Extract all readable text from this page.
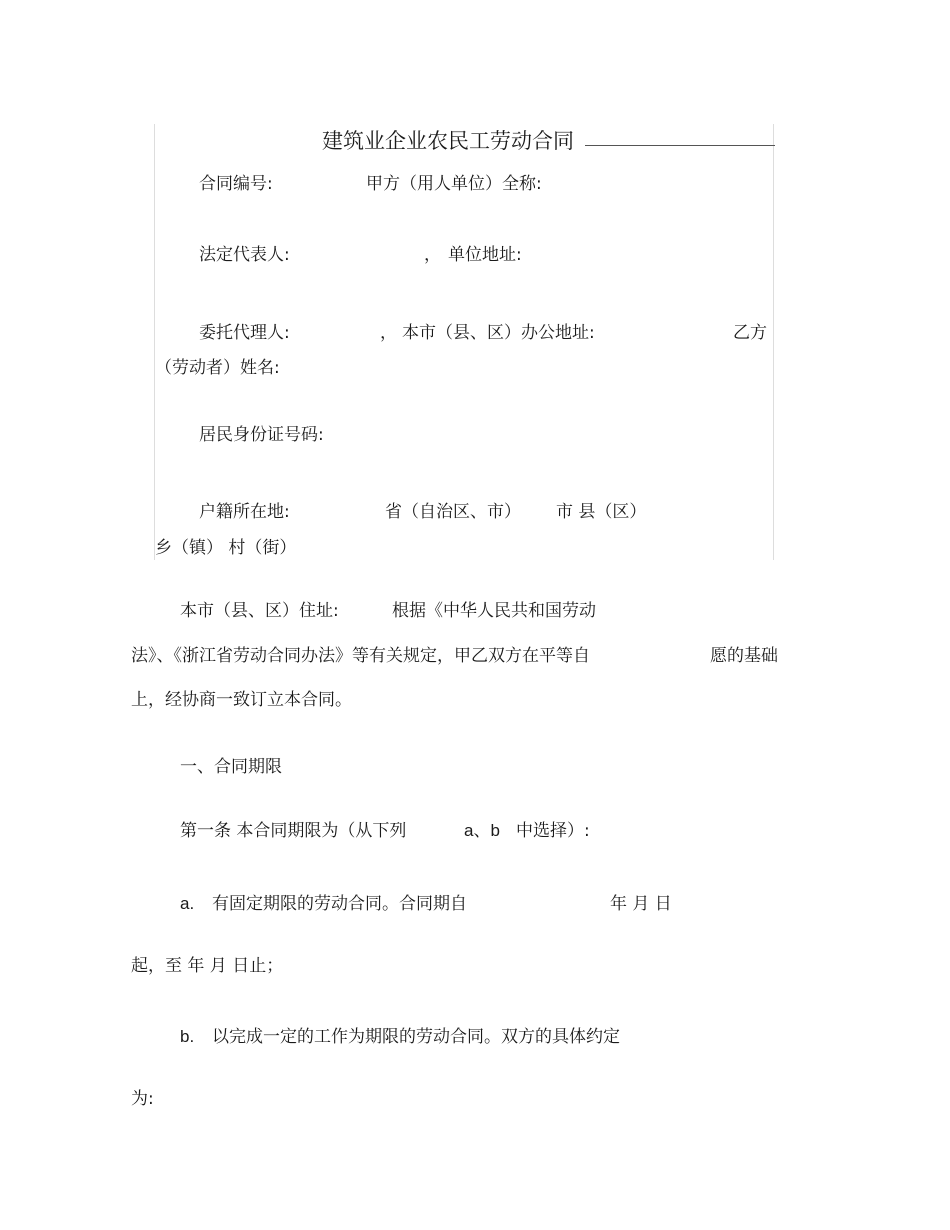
建筑业企业农民工劳动合同
合同编号:	甲方（用人单位）全称:
法定代表人:	， 单位地址:
委托代理人:	， 本市（县、区）办公地址:	乙方
（劳动者）姓名:
居民身份证号码:
户籍所在地:	省（自治区、市） 市 县（区）
乡（镇） 村（街）
本市（县、区）住址:	根据《中华人民共和国劳动
法》、《浙江省劳动合同办法》等有关规定，甲乙双方在平等自	愿的基础
上，经协商一致订立本合同。
一、合同期限
第一条 本合同期限为（从下列	a、b 中选择）:
a. 有固定期限的劳动合同。合同期自	年 月 日
起，至 年 月 日止；
b. 以完成一定的工作为期限的劳动合同。双方的具体约定
为:
